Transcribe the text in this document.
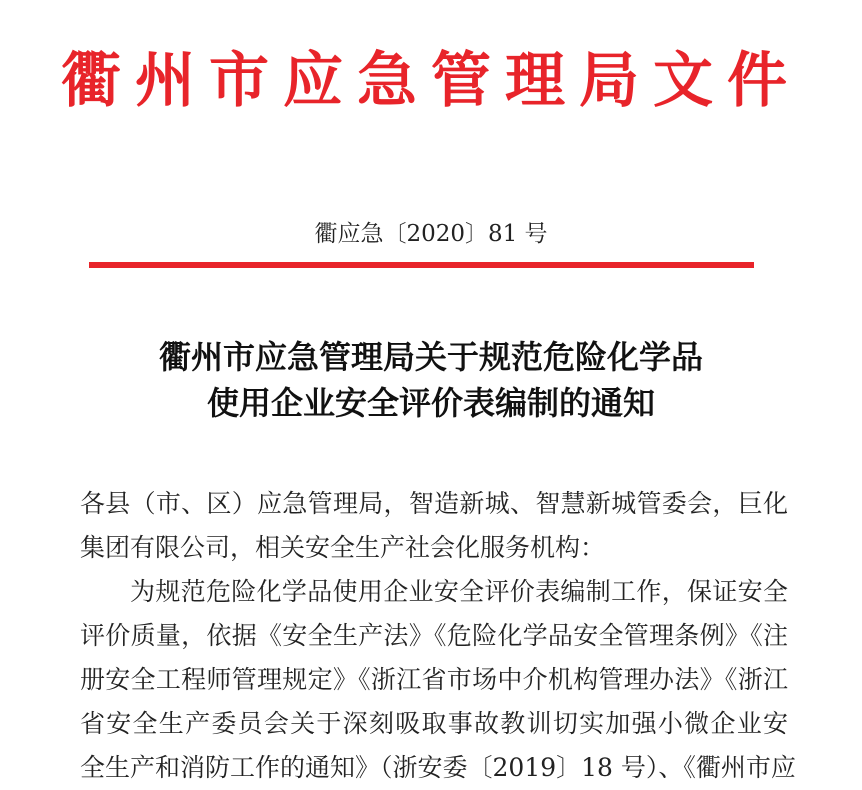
衢州市应急管理局文件
衢应急〔2020〕81 号
衢州市应急管理局关于规范危险化学品
使用企业安全评价表编制的通知
各县（市、区）应急管理局，智造新城、智慧新城管委会，巨化
集团有限公司，相关安全生产社会化服务机构：
为规范危险化学品使用企业安全评价表编制工作，保证安全
评价质量，依据《安全生产法》《危险化学品安全管理条例》《注
册安全工程师管理规定》《浙江省市场中介机构管理办法》《浙江
省安全生产委员会关于深刻吸取事故教训切实加强小微企业安
全生产和消防工作的通知》（浙安委〔2019〕18 号）、《衢州市应
